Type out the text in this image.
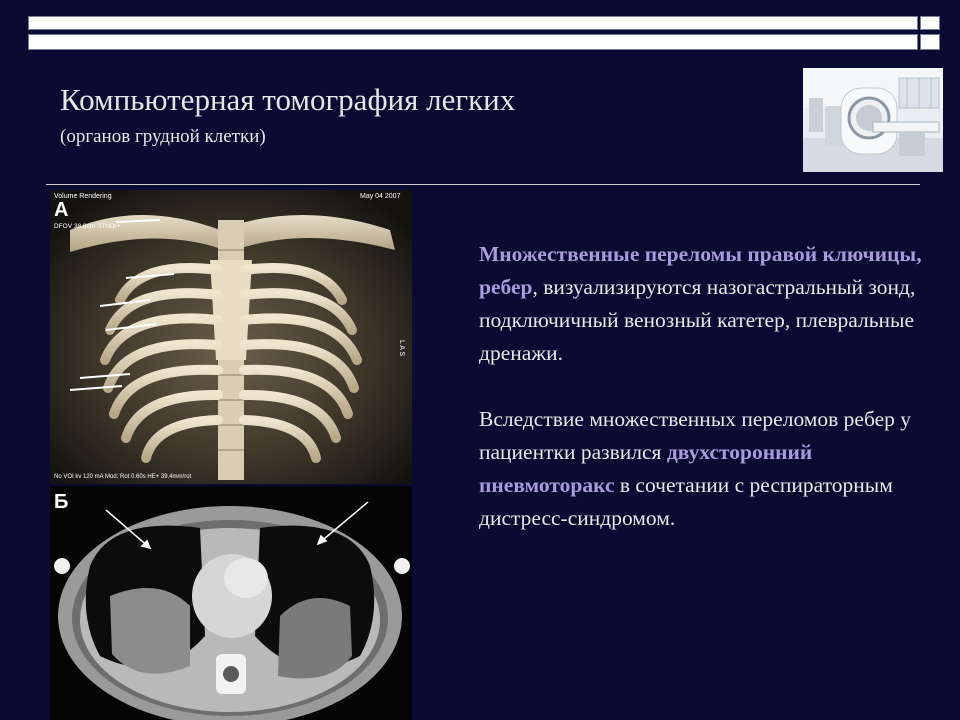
Компьютерная томография легких

(органов грудной клетки)

А
Volume Rendering	May 04 2007
DFOV 38.8cm STND/+
L A S
No VOI kv 120 mA Mod. Rot 0.60s HE+ 39.4mm/rot
Б

Множественные переломы правой ключицы, ребер, визуализируются назогастральный зонд, подключичный венозный катетер, плевральные дренажи.

Вследствие множественных переломов ребер у пациентки развился двухсторонний пневмоторакс в сочетании с респираторным дистресс-синдромом.
